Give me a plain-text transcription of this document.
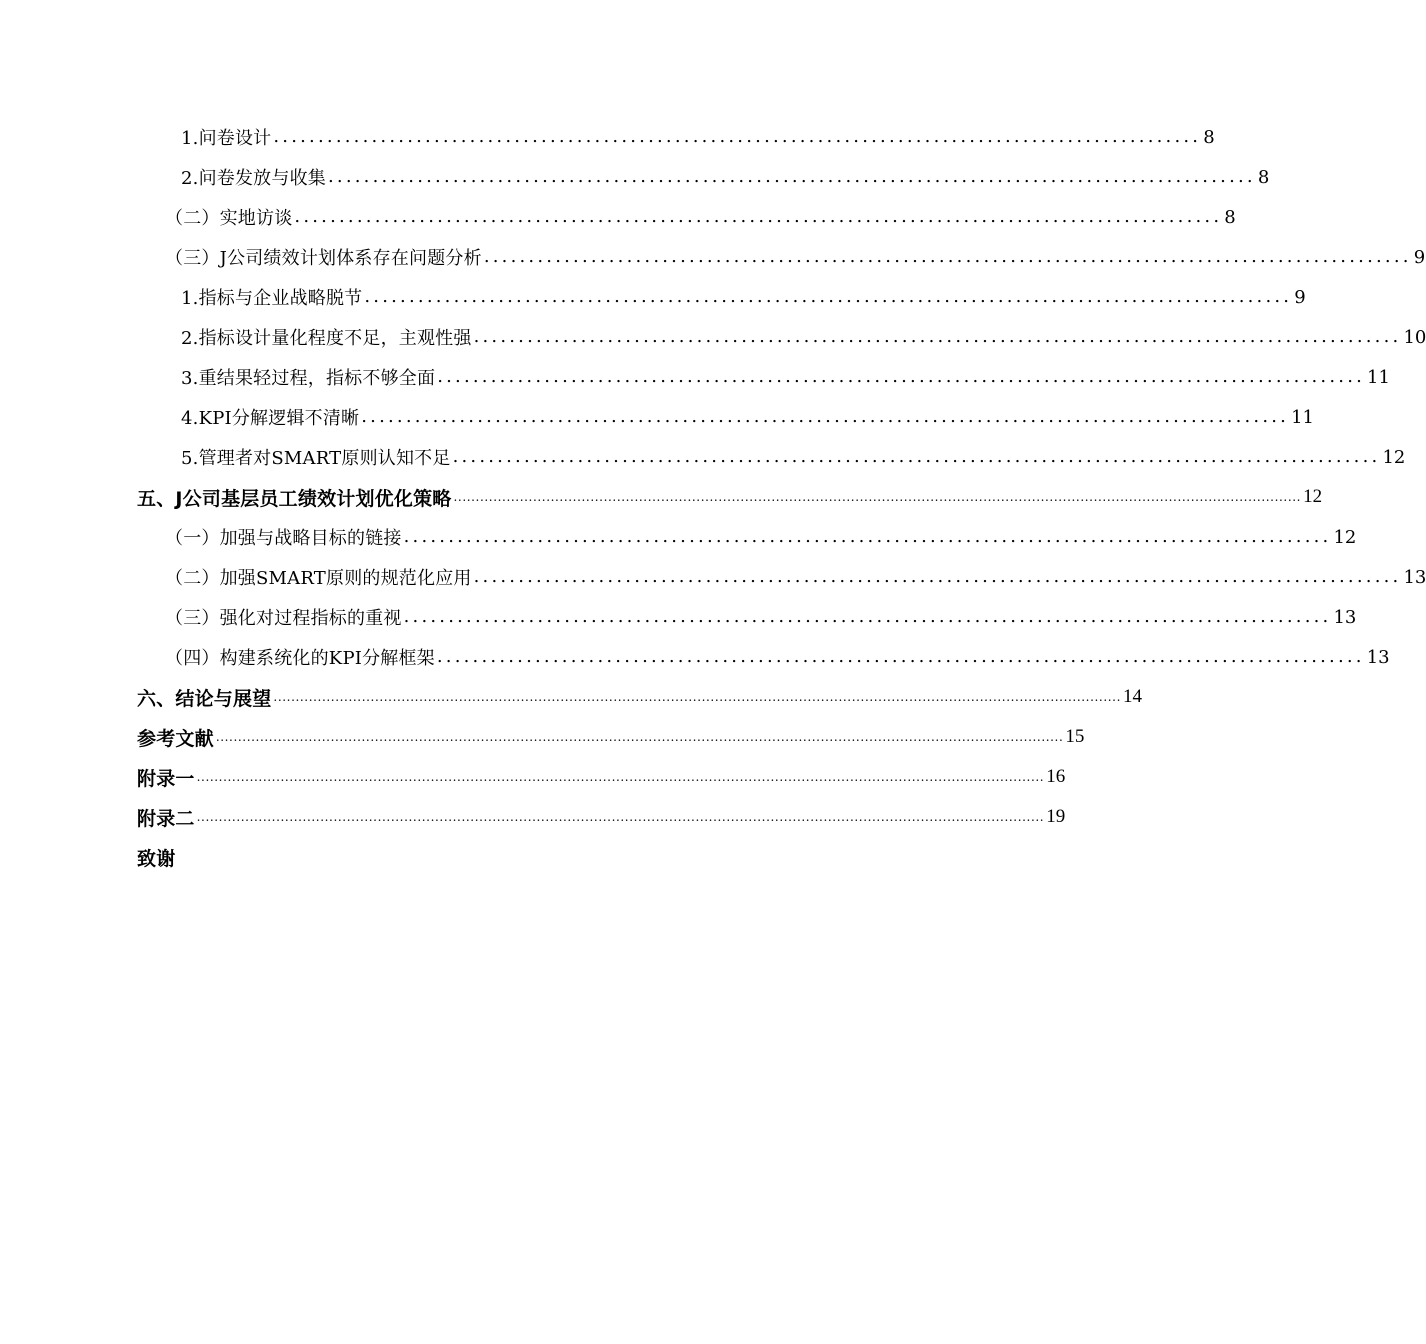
1.问卷设计 ........................................................................................................ 8
2.问卷发放与收集 ........................................................................................................ 8
（二）实地访谈 ........................................................................................................ 8
（三）J公司绩效计划体系存在问题分析 ........................................................................................................ 9
1.指标与企业战略脱节 ........................................................................................................ 9
2.指标设计量化程度不足，主观性强 ........................................................................................................ 10
3.重结果轻过程，指标不够全面 ........................................................................................................ 11
4.KPI分解逻辑不清晰 ........................................................................................................ 11
5.管理者对SMART原则认知不足 ........................................................................................................ 12
五、J公司基层员工绩效计划优化策略 ................................................................................................................................................................................................ 12
（一）加强与战略目标的链接 ........................................................................................................ 12
（二）加强SMART原则的规范化应用 ........................................................................................................ 13
（三）强化对过程指标的重视 ........................................................................................................ 13
（四）构建系统化的KPI分解框架 ........................................................................................................ 13
六、结论与展望 ................................................................................................................................................................................................ 14
参考文献 ................................................................................................................................................................................................ 15
附录一 ................................................................................................................................................................................................ 16
附录二 ................................................................................................................................................................................................ 19
致谢
